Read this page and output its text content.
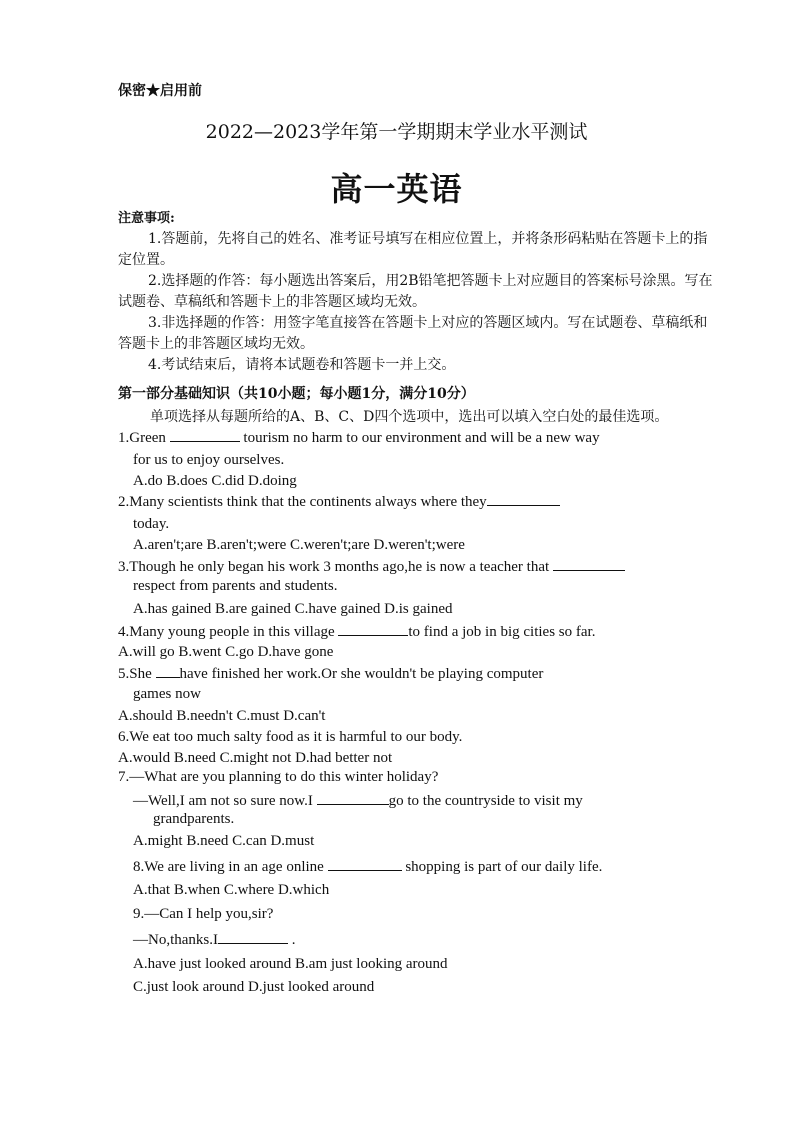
保密★启用前
2022—2023学年第一学期期末学业水平测试
高一英语
注意事项:
1.答题前，先将自己的姓名、准考证号填写在相应位置上，并将条形码粘贴在答题卡上的指定位置。
2.选择题的作答：每小题选出答案后，用2B铅笔把答题卡上对应题目的答案标号涂黑。写在试题卷、草稿纸和答题卡上的非答题区域均无效。
3.非选择题的作答：用签字笔直接答在答题卡上对应的答题区域内。写在试题卷、草稿纸和答题卡上的非答题区域均无效。
4.考试结束后，请将本试题卷和答题卡一并上交。
第一部分基础知识（共10小题；每小题1分，满分10分）
单项选择从每题所给的A、B、C、D四个选项中，选出可以填入空白处的最佳选项。
1.Green	tourism no harm to our environment and will be a new way
for us to enjoy ourselves.
A.do B.does C.did D.doing
2.Many scientists think that the continents always where they
today.
A.aren't;are B.aren't;were C.weren't;are D.weren't;were
3.Though he only began his work 3 months ago,he is now a teacher that
respect from parents and students.
A.has gained B.are gained C.have gained D.is gained
4.Many young people in this village	to find a job in big cities so far.
A.will go B.went C.go D.have gone
5.She have finished her work.Or she wouldn't be playing computer
games now
A.should B.needn't C.must D.can't
6.We eat too much salty food as it is harmful to our body.
A.would B.need C.might not D.had better not
7.—What are you planning to do this winter holiday?
—Well,I am not so sure now.I	go to the countryside to visit my
grandparents.
A.might B.need C.can D.must
8.We are living in an age online	shopping is part of our daily life.
A.that B.when C.where D.which
9.—Can I help you,sir?
—No,thanks.I	.
A.have just looked around B.am just looking around
C.just look around D.just looked around
